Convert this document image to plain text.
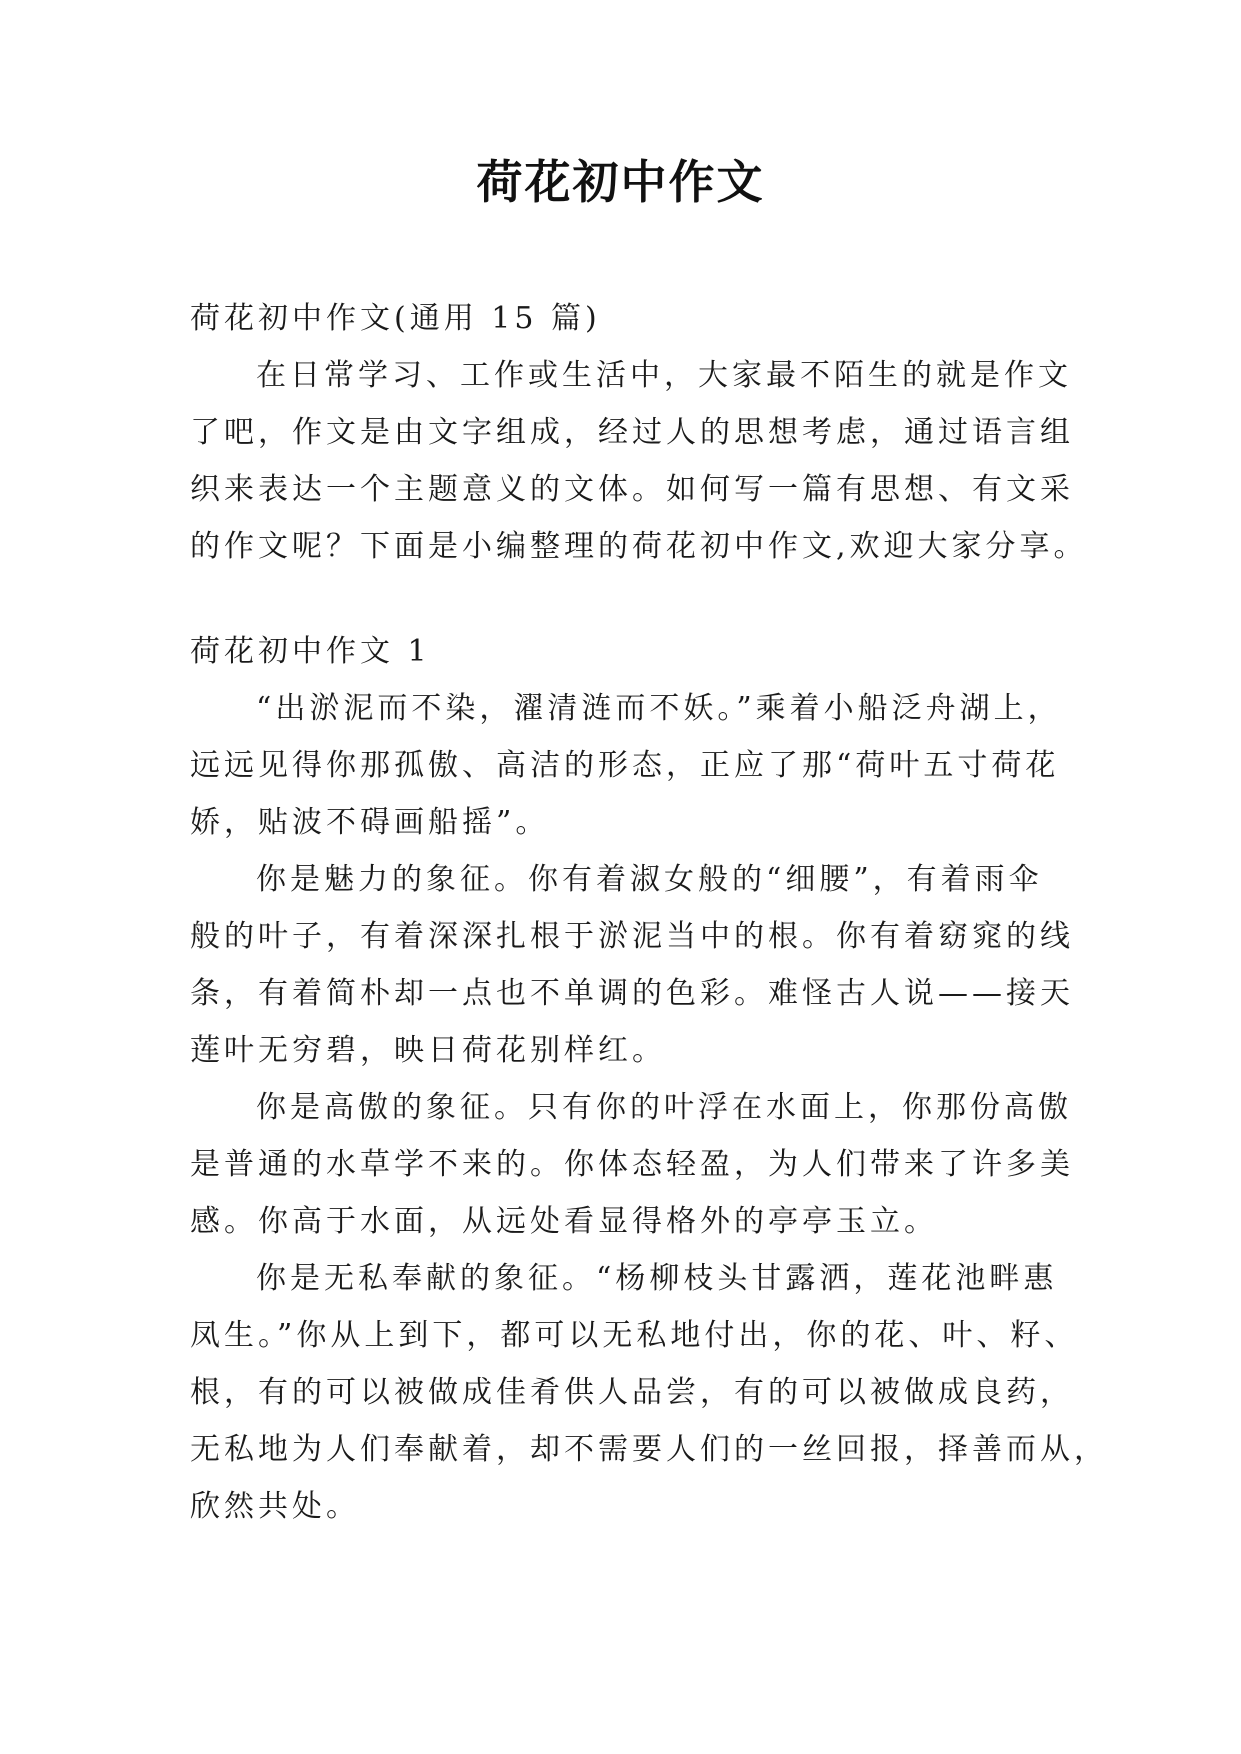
荷花初中作文
荷花初中作文(通用 15 篇)
在日常学习、工作或生活中，大家最不陌生的就是作文
了吧，作文是由文字组成，经过人的思想考虑，通过语言组
织来表达一个主题意义的文体。如何写一篇有思想、有文采
的作文呢？下面是小编整理的荷花初中作文,欢迎大家分享。
荷花初中作文 1
“出淤泥而不染，濯清涟而不妖。”乘着小船泛舟湖上，
远远见得你那孤傲、高洁的形态，正应了那“荷叶五寸荷花
娇，贴波不碍画船摇”。
你是魅力的象征。你有着淑女般的“细腰”，有着雨伞
般的叶子，有着深深扎根于淤泥当中的根。你有着窈窕的线
条，有着简朴却一点也不单调的色彩。难怪古人说——接天
莲叶无穷碧，映日荷花别样红。
你是高傲的象征。只有你的叶浮在水面上，你那份高傲
是普通的水草学不来的。你体态轻盈，为人们带来了许多美
感。你高于水面，从远处看显得格外的亭亭玉立。
你是无私奉献的象征。“杨柳枝头甘露洒，莲花池畔惠
凤生。”你从上到下，都可以无私地付出，你的花、叶、籽、
根，有的可以被做成佳肴供人品尝，有的可以被做成良药，
无私地为人们奉献着，却不需要人们的一丝回报，择善而从，
欣然共处。
